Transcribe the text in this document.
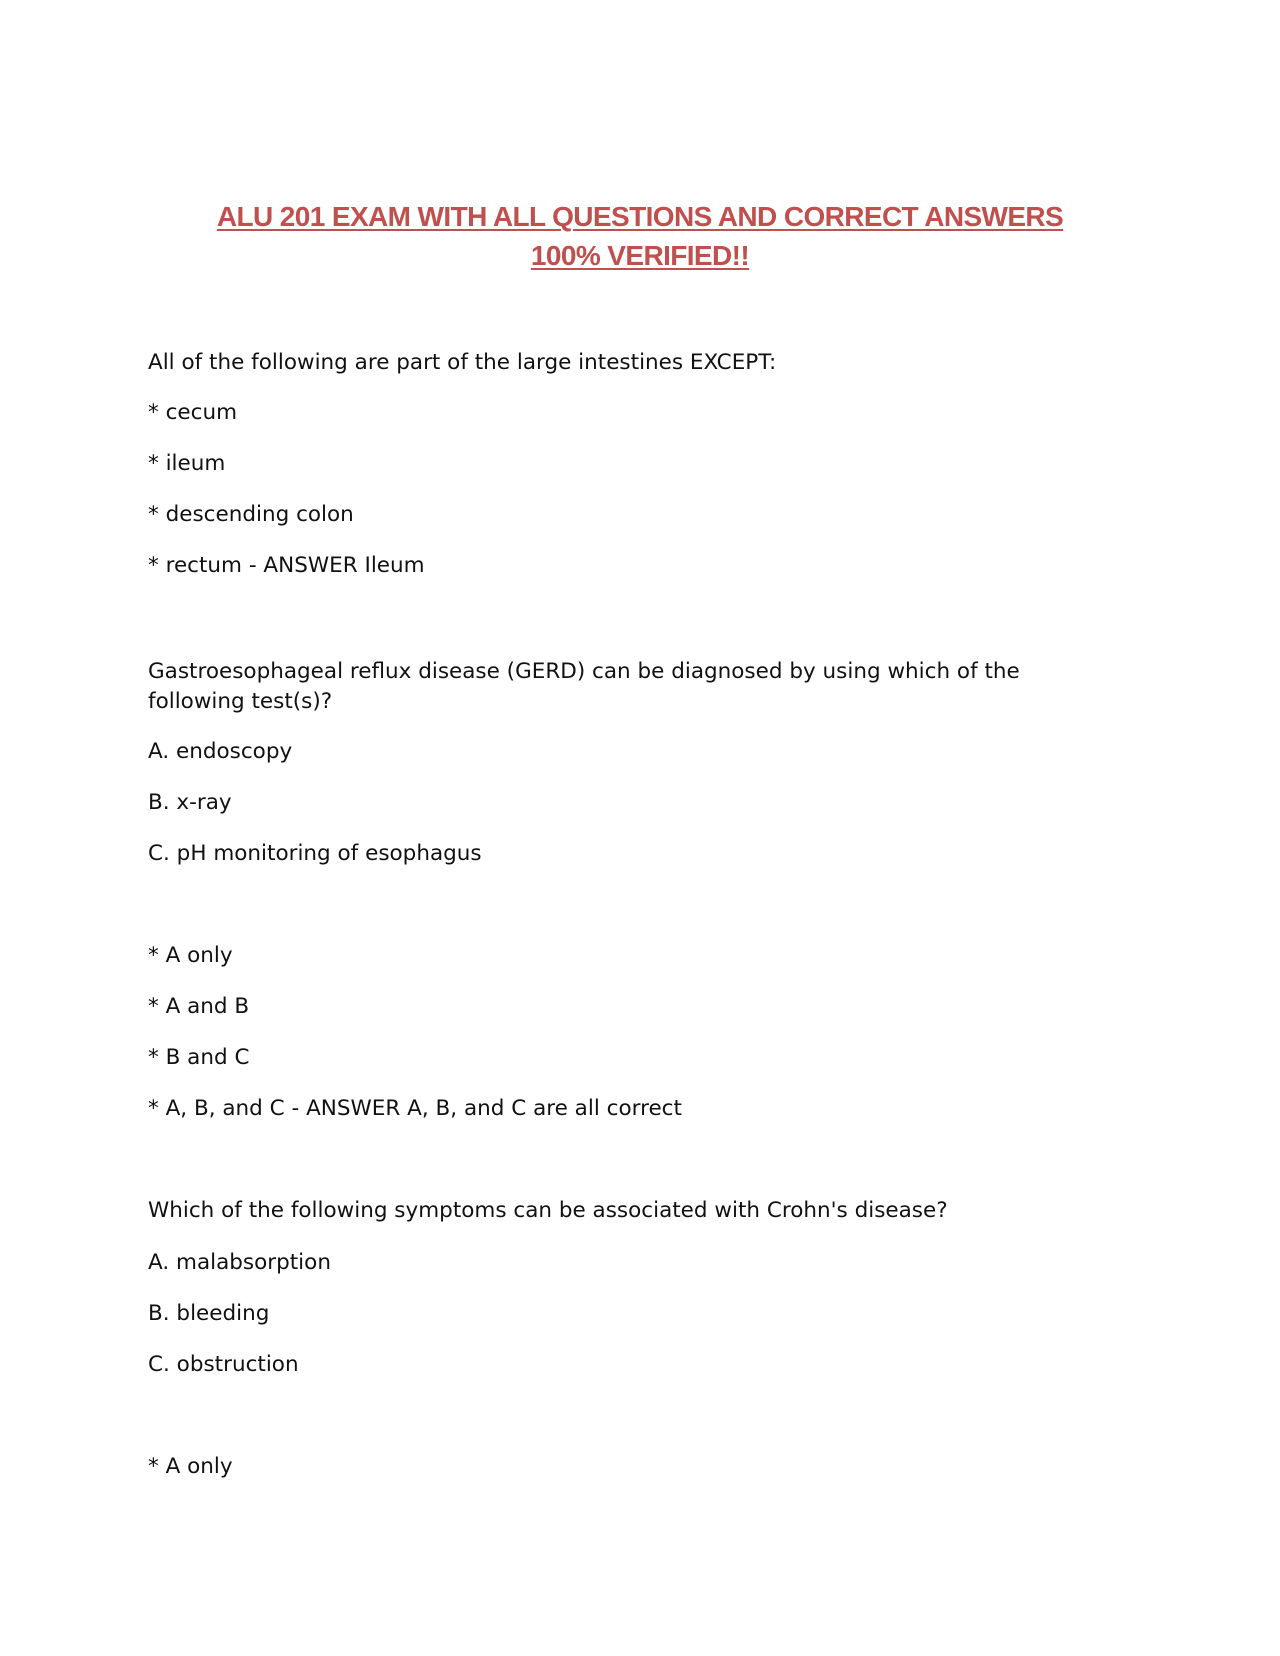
ALU 201 EXAM WITH ALL QUESTIONS AND CORRECT ANSWERS
100% VERIFIED!!

All of the following are part of the large intestines EXCEPT:

* cecum

* ileum

* descending colon

* rectum - ANSWER Ileum

Gastroesophageal reflux disease (GERD) can be diagnosed by using which of the following test(s)?

A. endoscopy

B. x-ray

C. pH monitoring of esophagus

* A only

* A and B

* B and C

* A, B, and C - ANSWER A, B, and C are all correct

Which of the following symptoms can be associated with Crohn's disease?

A. malabsorption

B. bleeding

C. obstruction

* A only
